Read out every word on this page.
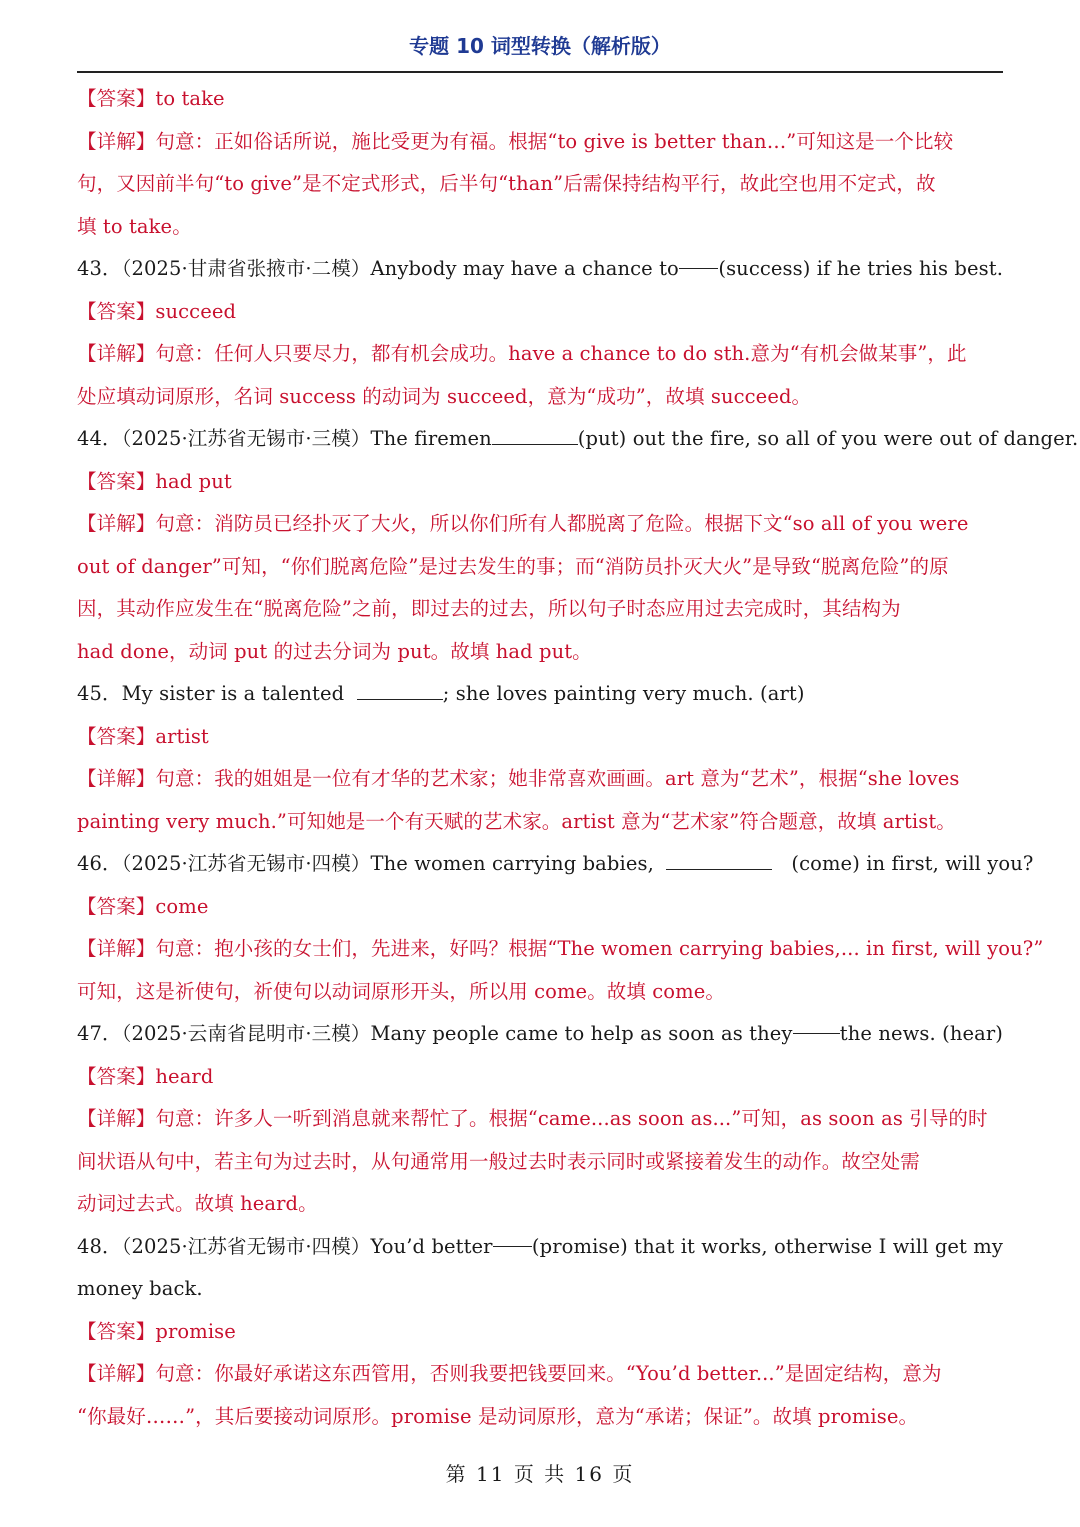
专题 10 词型转换（解析版）
【答案】to take
【详解】句意：正如俗话所说，施比受更为有福。根据“to give is better than…”可知这是一个比较
句，又因前半句“to give”是不定式形式，后半句“than”后需保持结构平行，故此空也用不定式，故
填 to take。
43．（2025·甘肃省张掖市·二模）Anybody may have a chance to (success) if he tries his best.
【答案】succeed
【详解】句意：任何人只要尽力，都有机会成功。have a chance to do sth.意为“有机会做某事”，此
处应填动词原形，名词 success 的动词为 succeed，意为“成功”，故填 succeed。
44．（2025·江苏省无锡市·三模）The firemen	(put) out the fire, so all of you were out of danger.
【答案】had put
【详解】句意：消防员已经扑灭了大火，所以你们所有人都脱离了危险。根据下文“so all of you were
out of danger”可知，“你们脱离危险”是过去发生的事；而“消防员扑灭大火”是导致“脱离危险”的原
因，其动作应发生在“脱离危险”之前，即过去的过去，所以句子时态应用过去完成时，其结构为
had done，动词 put 的过去分词为 put。故填 had put。
45．My sister is a talented	; she loves painting very much. (art)
【答案】artist
【详解】句意：我的姐姐是一位有才华的艺术家；她非常喜欢画画。art 意为“艺术”，根据“she loves
painting very much.”可知她是一个有天赋的艺术家。artist 意为“艺术家”符合题意，故填 artist。
46．（2025·江苏省无锡市·四模）The women carrying babies,	(come) in first, will you?
【答案】come
【详解】句意：抱小孩的女士们，先进来，好吗？根据“The women carrying babies,... in first, will you?”
可知，这是祈使句，祈使句以动词原形开头，所以用 come。故填 come。
47．（2025·云南省昆明市·三模）Many people came to help as soon as they the news. (hear)
【答案】heard
【详解】句意：许多人一听到消息就来帮忙了。根据“came...as soon as...”可知，as soon as 引导的时
间状语从句中，若主句为过去时，从句通常用一般过去时表示同时或紧接着发生的动作。故空处需
动词过去式。故填 heard。
48．（2025·江苏省无锡市·四模）You’d better (promise) that it works, otherwise I will get my
money back.
【答案】promise
【详解】句意：你最好承诺这东西管用，否则我要把钱要回来。“You’d better...”是固定结构，意为
“你最好……”，其后要接动词原形。promise 是动词原形，意为“承诺；保证”。故填 promise。
第 11 页 共 16 页
